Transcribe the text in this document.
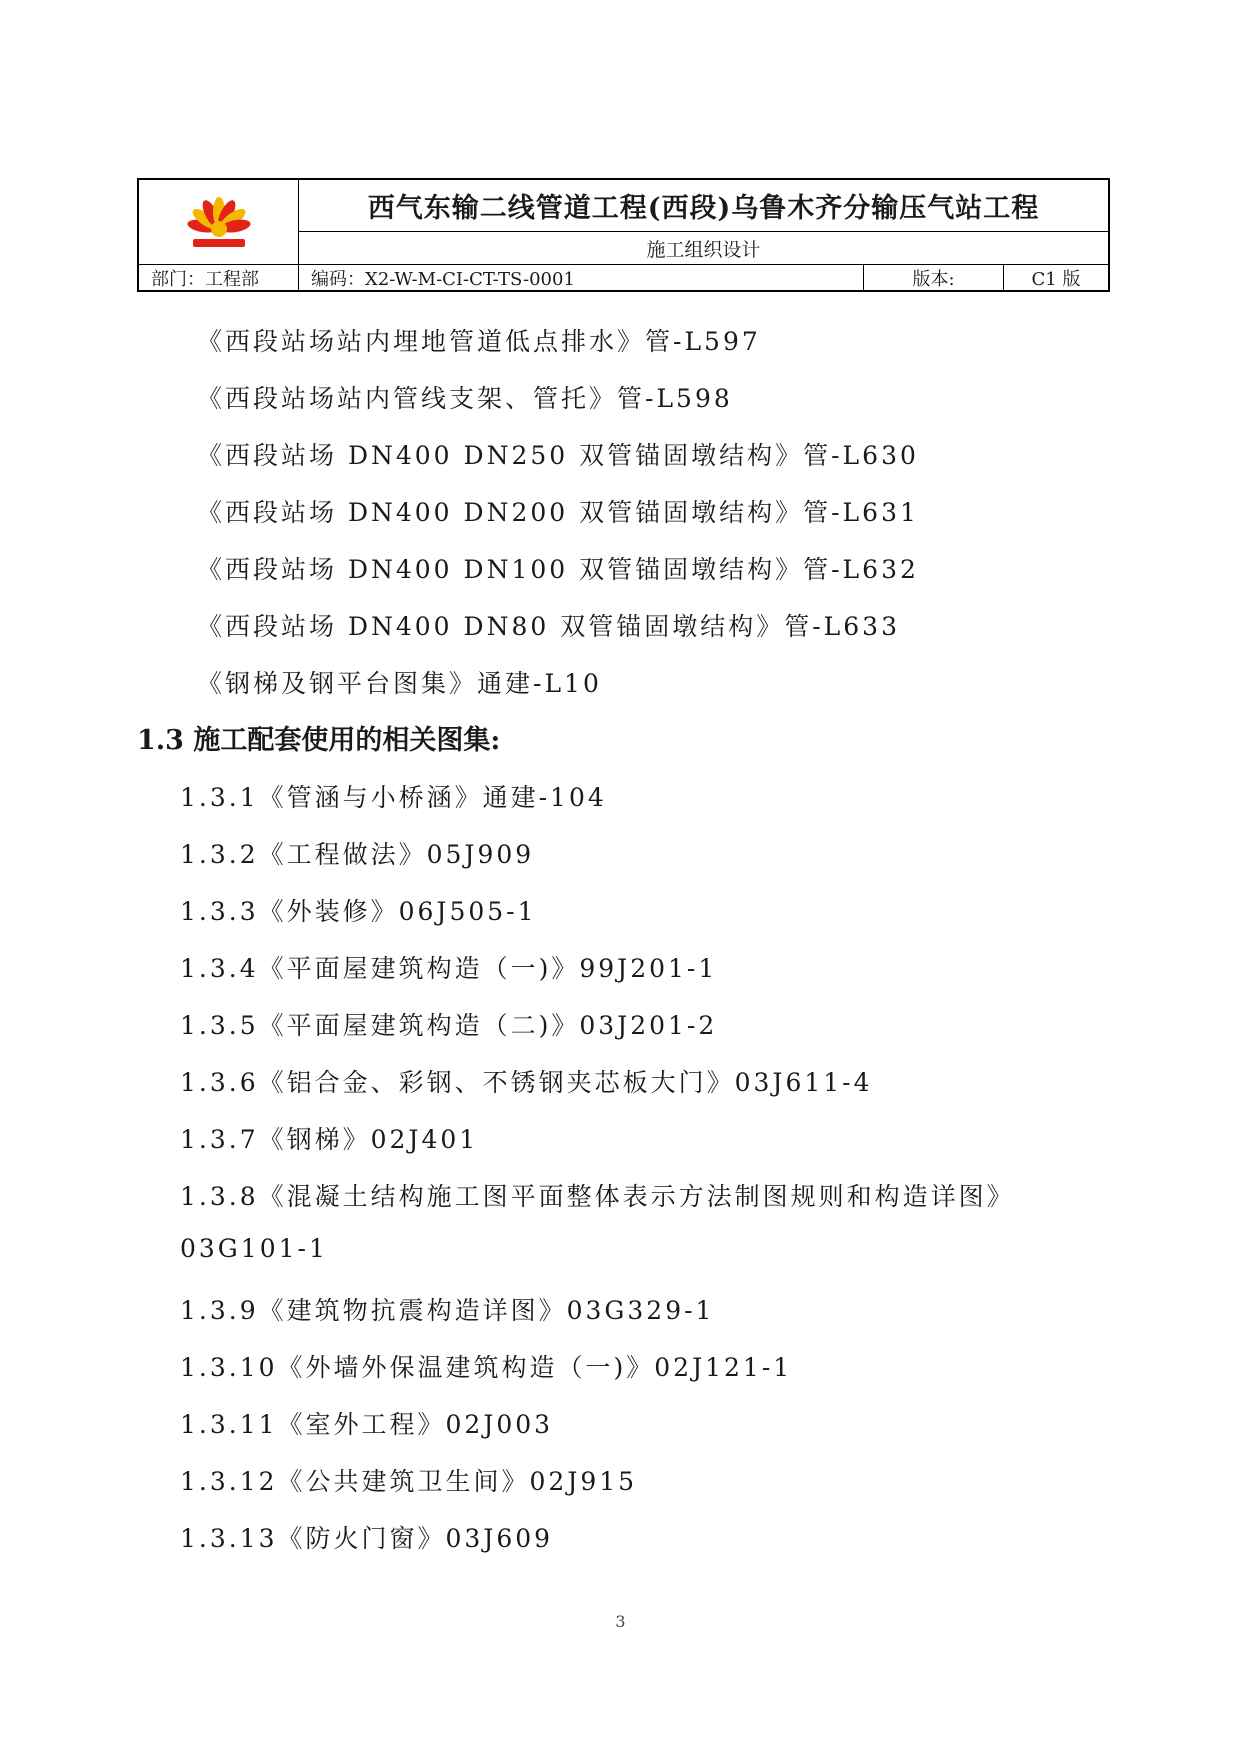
西气东输二线管道工程(西段)乌鲁木齐分输压气站工程
施工组织设计
部门：工程部	编码：X2-W-M-CI-CT-TS-0001	版本:	C1 版
《西段站场站内埋地管道低点排水》管-L597
《西段站场站内管线支架、管托》管-L598
《西段站场 DN400 DN250 双管锚固墩结构》管-L630
《西段站场 DN400 DN200 双管锚固墩结构》管-L631
《西段站场 DN400 DN100 双管锚固墩结构》管-L632
《西段站场 DN400 DN80 双管锚固墩结构》管-L633
《钢梯及钢平台图集》通建-L10
1.3 施工配套使用的相关图集:
1.3.1《管涵与小桥涵》通建-104
1.3.2《工程做法》05J909
1.3.3《外装修》06J505-1
1.3.4《平面屋建筑构造（一)》99J201-1
1.3.5《平面屋建筑构造（二)》03J201-2
1.3.6《铝合金、彩钢、不锈钢夹芯板大门》03J611-4
1.3.7《钢梯》02J401
1.3.8《混凝土结构施工图平面整体表示方法制图规则和构造详图》
03G101-1
1.3.9《建筑物抗震构造详图》03G329-1
1.3.10《外墙外保温建筑构造（一)》02J121-1
1.3.11《室外工程》02J003
1.3.12《公共建筑卫生间》02J915
1.3.13《防火门窗》03J609
3
